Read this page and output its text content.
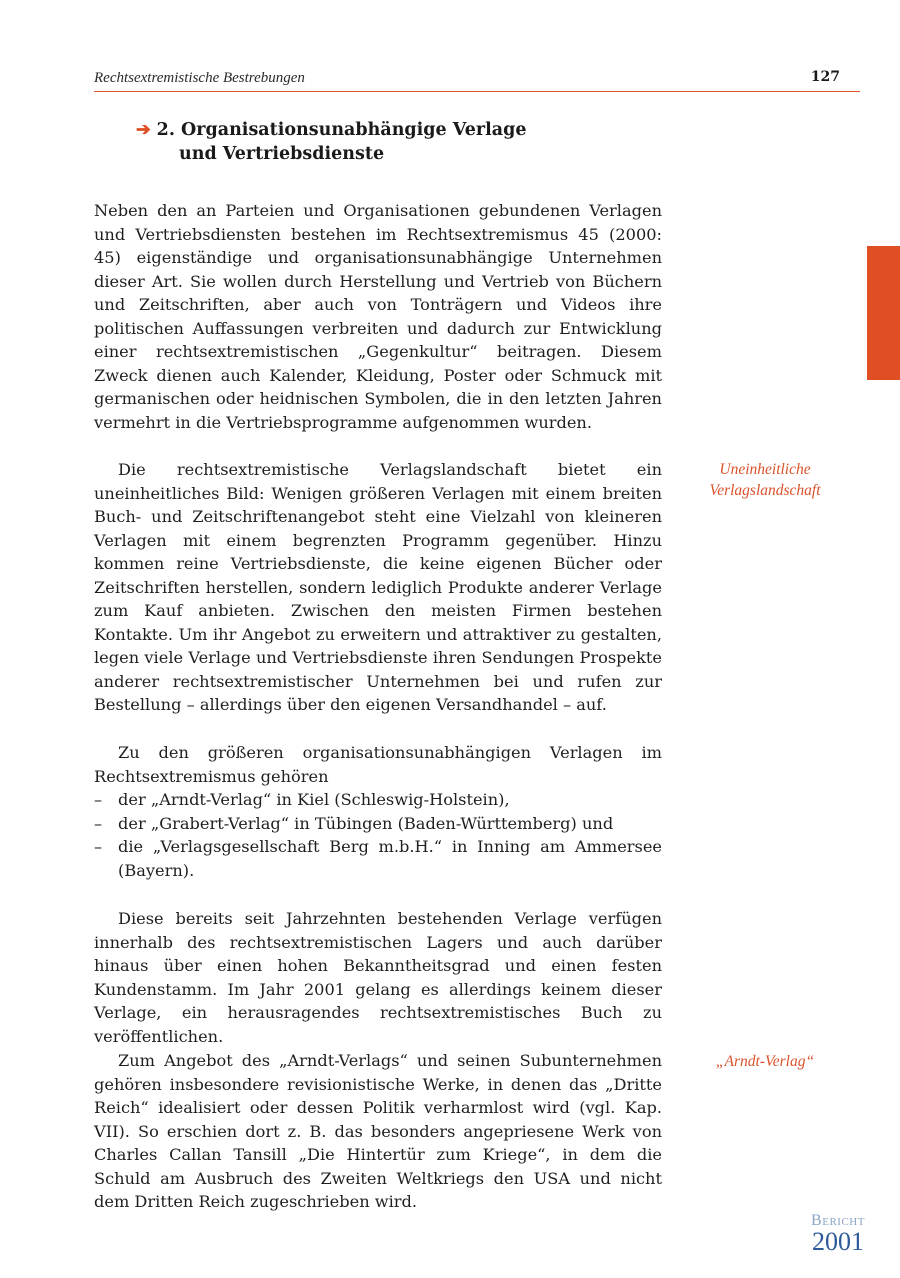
Rechtsextremistische Bestrebungen	127
➔ 2. Organisationsunabhängige Verlage
und Vertriebsdienste

Neben den an Parteien und Organisationen gebundenen Verlagen und Vertriebsdiensten bestehen im Rechtsextremismus 45 (2000: 45) eigenständige und organisationsunabhängige Unternehmen dieser Art. Sie wollen durch Herstellung und Vertrieb von Büchern und Zeitschriften, aber auch von Tonträgern und Videos ihre politischen Auffassungen verbreiten und dadurch zur Entwicklung einer rechtsextremistischen „Gegenkultur“ beitragen. Diesem Zweck dienen auch Kalender, Kleidung, Poster oder Schmuck mit germanischen oder heidnischen Symbolen, die in den letzten Jahren vermehrt in die Vertriebsprogramme aufgenommen wurden.

Die rechtsextremistische Verlagslandschaft bietet ein uneinheitliches Bild: Wenigen größeren Verlagen mit einem breiten Buch- und Zeitschriftenangebot steht eine Vielzahl von kleineren Verlagen mit einem begrenzten Programm gegenüber. Hinzu kommen reine Vertriebsdienste, die keine eigenen Bücher oder Zeitschriften herstellen, sondern lediglich Produkte anderer Verlage zum Kauf anbieten. Zwischen den meisten Firmen bestehen Kontakte. Um ihr Angebot zu erweitern und attraktiver zu gestalten, legen viele Verlage und Vertriebsdienste ihren Sendungen Prospekte anderer rechtsextremistischer Unternehmen bei und rufen zur Bestellung – allerdings über den eigenen Versandhandel – auf.

Zu den größeren organisationsunabhängigen Verlagen im Rechtsextremismus gehören

– der „Arndt-Verlag“ in Kiel (Schleswig-Holstein),
– der „Grabert-Verlag“ in Tübingen (Baden-Württemberg) und
– die „Verlagsgesellschaft Berg m.b.H.“ in Inning am Ammersee (Bayern).

Diese bereits seit Jahrzehnten bestehenden Verlage verfügen innerhalb des rechtsextremistischen Lagers und auch darüber hinaus über einen hohen Bekanntheitsgrad und einen festen Kundenstamm. Im Jahr 2001 gelang es allerdings keinem dieser Verlage, ein herausragendes rechtsextremistisches Buch zu veröffentlichen.

Zum Angebot des „Arndt-Verlags“ und seinen Subunternehmen gehören insbesondere revisionistische Werke, in denen das „Dritte Reich“ idealisiert oder dessen Politik verharmlost wird (vgl. Kap. VII). So erschien dort z. B. das besonders angepriesene Werk von Charles Callan Tansill „Die Hintertür zum Kriege“, in dem die Schuld am Ausbruch des Zweiten Weltkriegs den USA und nicht dem Dritten Reich zugeschrieben wird.

Uneinheitliche
Verlagslandschaft
„Arndt-Verlag“
Bericht
2001
